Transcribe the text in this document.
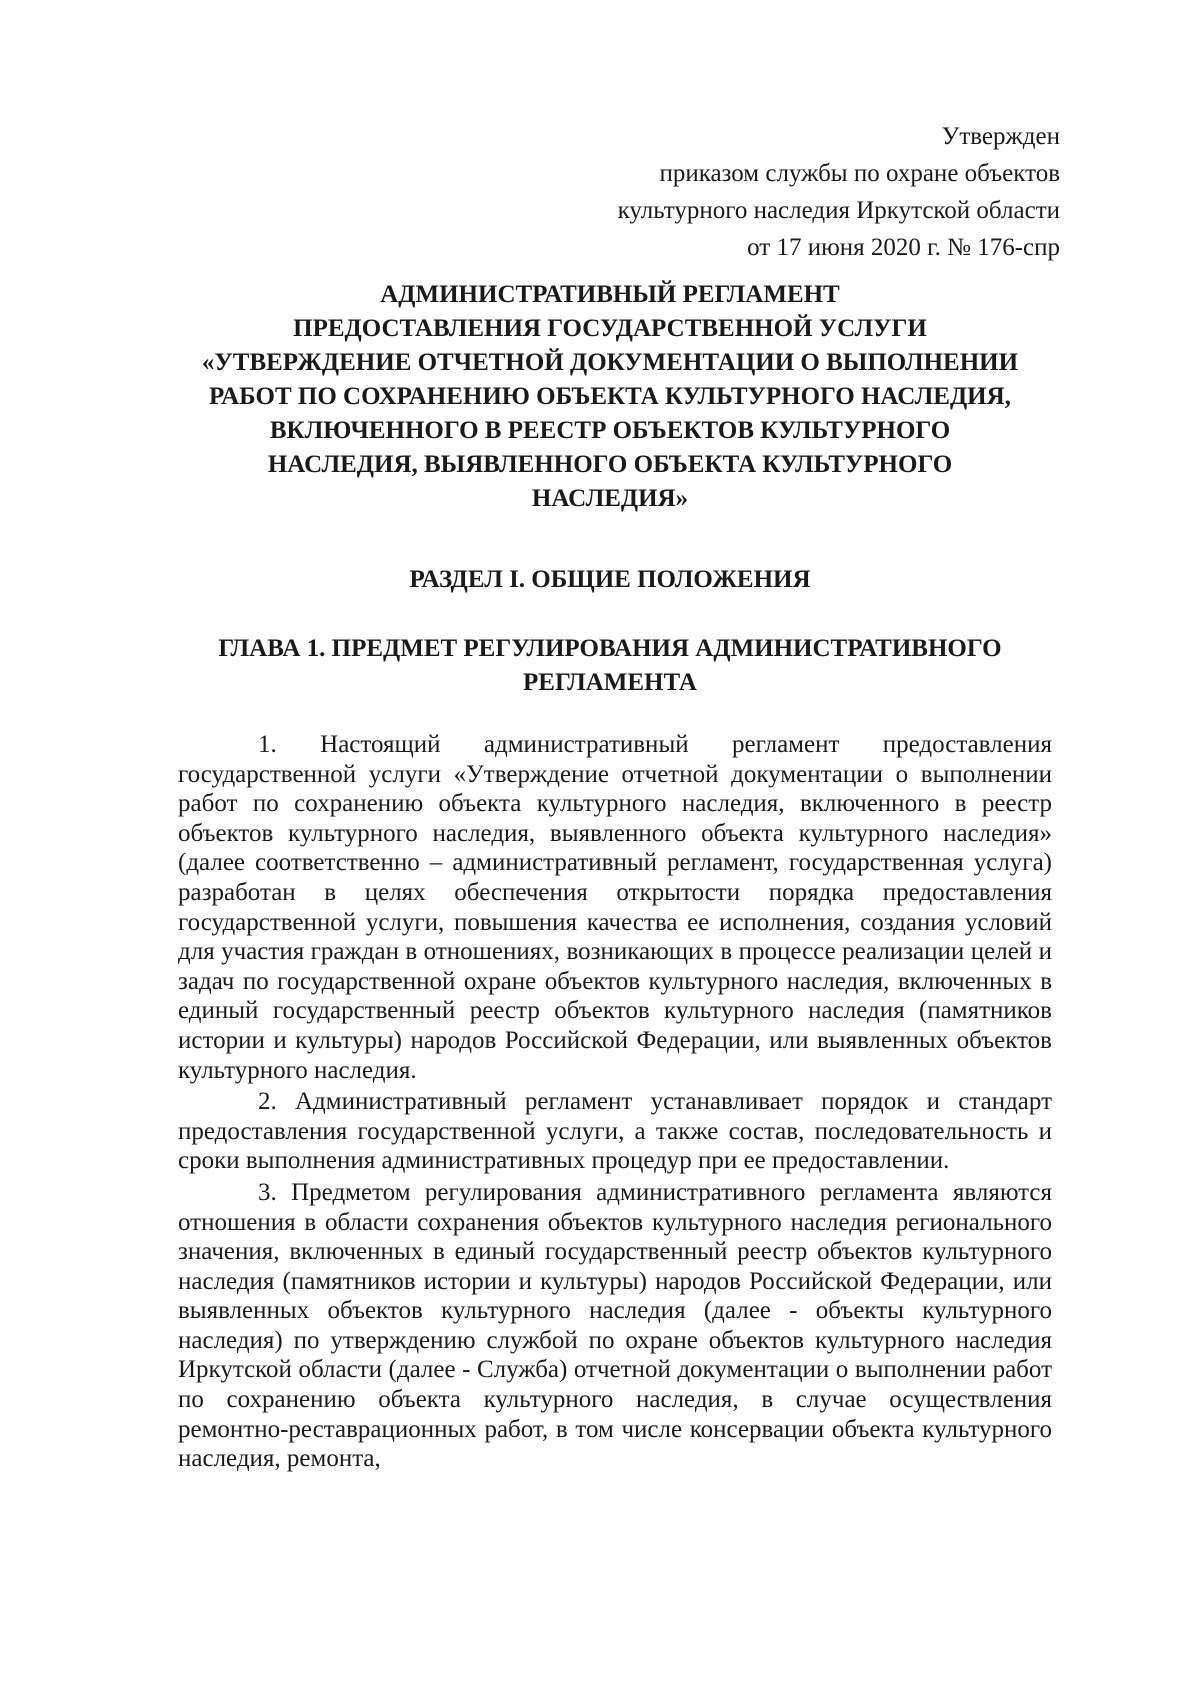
Утвержден
приказом службы по охране объектов
культурного наследия Иркутской области
от 17 июня 2020 г. № 176-спр
АДМИНИСТРАТИВНЫЙ РЕГЛАМЕНТ
ПРЕДОСТАВЛЕНИЯ ГОСУДАРСТВЕННОЙ УСЛУГИ
«УТВЕРЖДЕНИЕ ОТЧЕТНОЙ ДОКУМЕНТАЦИИ О ВЫПОЛНЕНИИ
РАБОТ ПО СОХРАНЕНИЮ ОБЪЕКТА КУЛЬТУРНОГО НАСЛЕДИЯ,
ВКЛЮЧЕННОГО В РЕЕСТР ОБЪЕКТОВ КУЛЬТУРНОГО
НАСЛЕДИЯ, ВЫЯВЛЕННОГО ОБЪЕКТА КУЛЬТУРНОГО
НАСЛЕДИЯ»
РАЗДЕЛ I. ОБЩИЕ ПОЛОЖЕНИЯ
ГЛАВА 1. ПРЕДМЕТ РЕГУЛИРОВАНИЯ АДМИНИСТРАТИВНОГО
РЕГЛАМЕНТА

1. Настоящий административный регламент предоставления государственной услуги «Утверждение отчетной документации о выполнении работ по сохранению объекта культурного наследия, включенного в реестр объектов культурного наследия, выявленного объекта культурного наследия» (далее соответственно – административный регламент, государственная услуга) разработан в целях обеспечения открытости порядка предоставления государственной услуги, повышения качества ее исполнения, создания условий для участия граждан в отношениях, возникающих в процессе реализации целей и задач по государственной охране объектов культурного наследия, включенных в единый государственный реестр объектов культурного наследия (памятников истории и культуры) народов Российской Федерации, или выявленных объектов культурного наследия.

2. Административный регламент устанавливает порядок и стандарт предоставления государственной услуги, а также состав, последовательность и сроки выполнения административных процедур при ее предоставлении.

3. Предметом регулирования административного регламента являются отношения в области сохранения объектов культурного наследия регионального значения, включенных в единый государственный реестр объектов культурного наследия (памятников истории и культуры) народов Российской Федерации, или выявленных объектов культурного наследия (далее - объекты культурного наследия) по утверждению службой по охране объектов культурного наследия Иркутской области (далее - Служба) отчетной документации о выполнении работ по сохранению объекта культурного наследия, в случае осуществления ремонтно-реставрационных работ, в том числе консервации объекта культурного наследия, ремонта,
